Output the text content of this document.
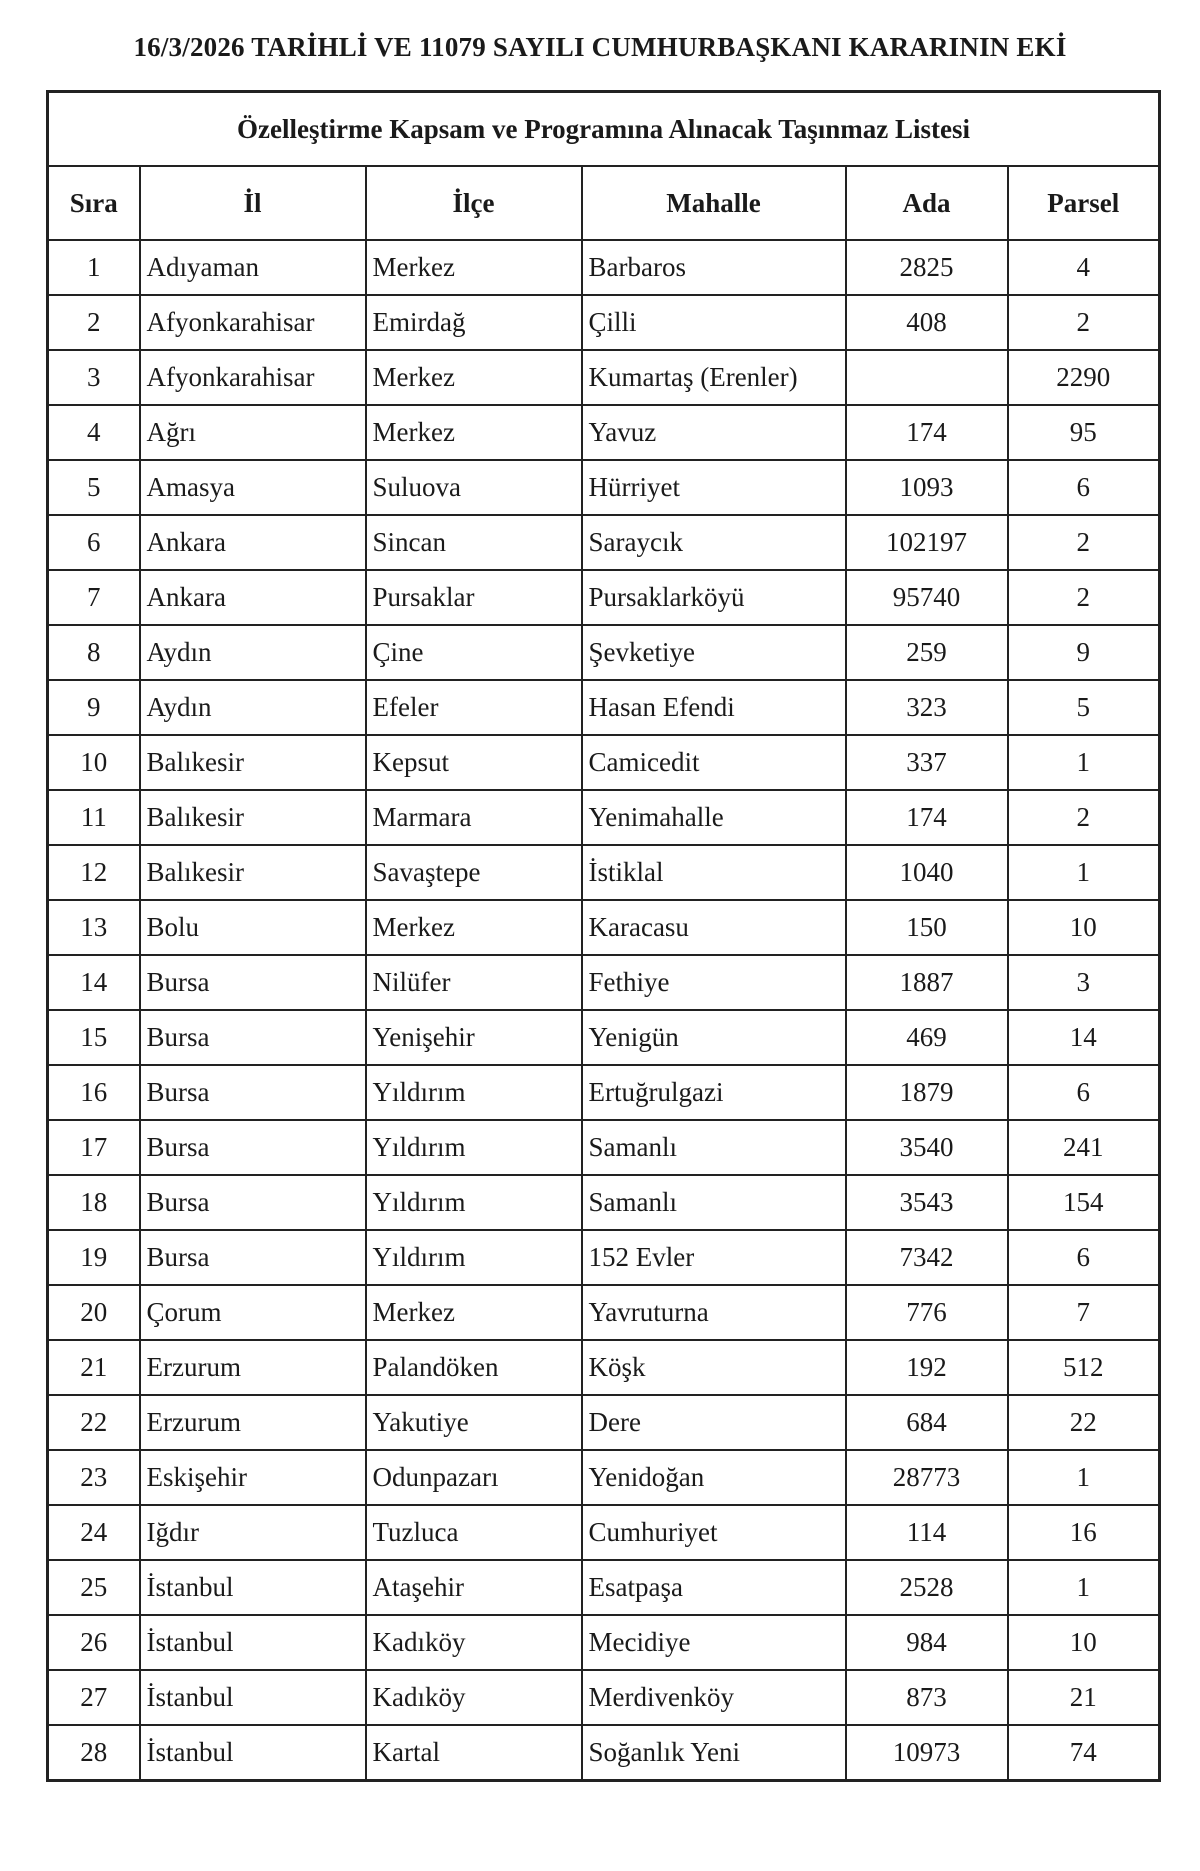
16/3/2026 TARİHLİ VE 11079 SAYILI CUMHURBAŞKANI KARARININ EKİ
Özelleştirme Kapsam ve Programına Alınacak Taşınmaz Listesi					
Sıra	İl	İlçe	Mahalle	Ada	Parsel
1	Adıyaman	Merkez	Barbaros	2825	4
2	Afyonkarahisar	Emirdağ	Çilli	408	2
3	Afyonkarahisar	Merkez	Kumartaş (Erenler)		2290
4	Ağrı	Merkez	Yavuz	174	95
5	Amasya	Suluova	Hürriyet	1093	6
6	Ankara	Sincan	Saraycık	102197	2
7	Ankara	Pursaklar	Pursaklarköyü	95740	2
8	Aydın	Çine	Şevketiye	259	9
9	Aydın	Efeler	Hasan Efendi	323	5
10	Balıkesir	Kepsut	Camicedit	337	1
11	Balıkesir	Marmara	Yenimahalle	174	2
12	Balıkesir	Savaştepe	İstiklal	1040	1
13	Bolu	Merkez	Karacasu	150	10
14	Bursa	Nilüfer	Fethiye	1887	3
15	Bursa	Yenişehir	Yenigün	469	14
16	Bursa	Yıldırım	Ertuğrulgazi	1879	6
17	Bursa	Yıldırım	Samanlı	3540	241
18	Bursa	Yıldırım	Samanlı	3543	154
19	Bursa	Yıldırım	152 Evler	7342	6
20	Çorum	Merkez	Yavruturna	776	7
21	Erzurum	Palandöken	Köşk	192	512
22	Erzurum	Yakutiye	Dere	684	22
23	Eskişehir	Odunpazarı	Yenidoğan	28773	1
24	Iğdır	Tuzluca	Cumhuriyet	114	16
25	İstanbul	Ataşehir	Esatpaşa	2528	1
26	İstanbul	Kadıköy	Mecidiye	984	10
27	İstanbul	Kadıköy	Merdivenköy	873	21
28	İstanbul	Kartal	Soğanlık Yeni	10973	74
